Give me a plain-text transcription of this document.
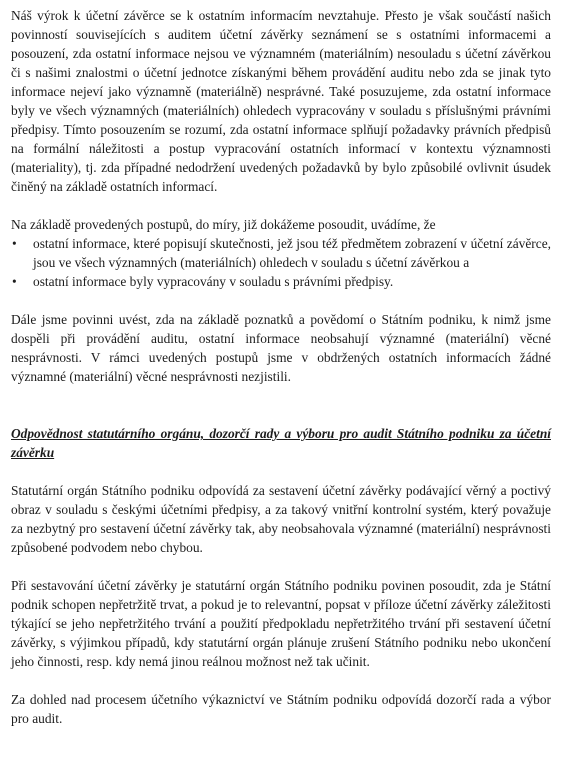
Náš výrok k účetní závěrce se k ostatním informacím nevztahuje. Přesto je však součástí našich povinností souvisejících s auditem účetní závěrky seznámení se s ostatními informacemi a posouzení, zda ostatní informace nejsou ve významném (materiálním) nesouladu s účetní závěrkou či s našimi znalostmi o účetní jednotce získanými během provádění auditu nebo zda se jinak tyto informace nejeví jako významně (materiálně) nesprávné. Také posuzujeme, zda ostatní informace byly ve všech významných (materiálních) ohledech vypracovány v souladu s příslušnými právními předpisy. Tímto posouzením se rozumí, zda ostatní informace splňují požadavky právních předpisů na formální náležitosti a postup vypracování ostatních informací v kontextu významnosti (materiality), tj. zda případné nedodržení uvedených požadavků by bylo způsobilé ovlivnit úsudek činěný na základě ostatních informací.

Na základě provedených postupů, do míry, již dokážeme posoudit, uvádíme, že

• ostatní informace, které popisují skutečnosti, jež jsou též předmětem zobrazení v účetní závěrce, jsou ve všech významných (materiálních) ohledech v souladu s účetní závěrkou a
• ostatní informace byly vypracovány v souladu s právními předpisy.

Dále jsme povinni uvést, zda na základě poznatků a povědomí o Státním podniku, k nimž jsme dospěli při provádění auditu, ostatní informace neobsahují významné (materiální) věcné nesprávnosti. V rámci uvedených postupů jsme v obdržených ostatních informacích žádné významné (materiální) věcné nesprávnosti nezjistili.

Odpovědnost statutárního orgánu, dozorčí rady a výboru pro audit Státního podniku za účetní závěrku

Statutární orgán Státního podniku odpovídá za sestavení účetní závěrky podávající věrný a poctivý obraz v souladu s českými účetními předpisy, a za takový vnitřní kontrolní systém, který považuje za nezbytný pro sestavení účetní závěrky tak, aby neobsahovala významné (materiální) nesprávnosti způsobené podvodem nebo chybou.

Při sestavování účetní závěrky je statutární orgán Státního podniku povinen posoudit, zda je Státní podnik schopen nepřetržitě trvat, a pokud je to relevantní, popsat v příloze účetní závěrky záležitosti týkající se jeho nepřetržitého trvání a použití předpokladu nepřetržitého trvání při sestavení účetní závěrky, s výjimkou případů, kdy statutární orgán plánuje zrušení Státního podniku nebo ukončení jeho činnosti, resp. kdy nemá jinou reálnou možnost než tak učinit.

Za dohled nad procesem účetního výkaznictví ve Státním podniku odpovídá dozorčí rada a výbor pro audit.
